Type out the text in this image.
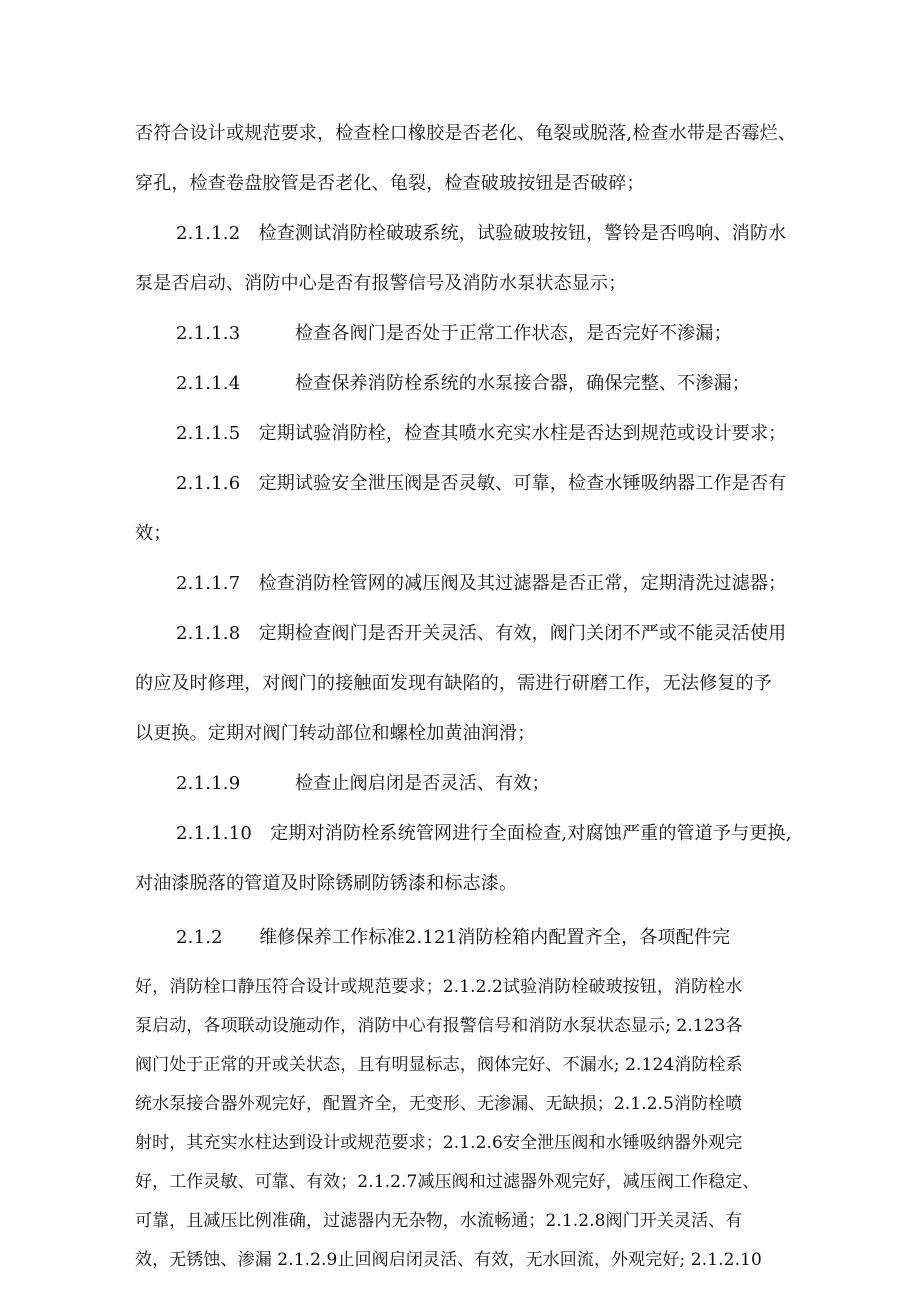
否符合设计或规范要求，检查栓口橡胶是否老化、龟裂或脱落,检查水带是否霉烂、
穿孔，检查卷盘胶管是否老化、龟裂，检查破玻按钮是否破碎；
2.1.1.2　检查测试消防栓破玻系统，试验破玻按钮，警铃是否鸣响、消防水
泵是否启动、消防中心是否有报警信号及消防水泵状态显示；
2.1.1.3　　　检查各阀门是否处于正常工作状态，是否完好不渗漏；
2.1.1.4　　　检查保养消防栓系统的水泵接合器，确保完整、不渗漏；
2.1.1.5　定期试验消防栓，检查其喷水充实水柱是否达到规范或设计要求；
2.1.1.6　定期试验安全泄压阀是否灵敏、可靠，检查水锤吸纳器工作是否有
效；
2.1.1.7　检查消防栓管网的减压阀及其过滤器是否正常，定期清洗过滤器；
2.1.1.8　定期检查阀门是否开关灵活、有效，阀门关闭不严或不能灵活使用
的应及时修理，对阀门的接触面发现有缺陷的，需进行研磨工作，无法修复的予
以更换。定期对阀门转动部位和螺栓加黄油润滑；
2.1.1.9　　　检查止阀启闭是否灵活、有效；
2.1.1.10　定期对消防栓系统管网进行全面检查,对腐蚀严重的管道予与更换,
对油漆脱落的管道及时除锈刷防锈漆和标志漆。
2.1.2　　维修保养工作标准2.121消防栓箱内配置齐全，各项配件完
好，消防栓口静压符合设计或规范要求；2.1.2.2试验消防栓破玻按钮，消防栓水
泵启动，各项联动设施动作，消防中心有报警信号和消防水泵状态显示; 2.123各
阀门处于正常的开或关状态，且有明显标志，阀体完好、不漏水; 2.124消防栓系
统水泵接合器外观完好，配置齐全，无变形、无渗漏、无缺损；2.1.2.5消防栓喷
射时，其充实水柱达到设计或规范要求；2.1.2.6安全泄压阀和水锤吸纳器外观完
好，工作灵敏、可靠、有效；2.1.2.7减压阀和过滤器外观完好，减压阀工作稳定、
可靠，且减压比例准确，过滤器内无杂物，水流畅通；2.1.2.8阀门开关灵活、有
效，无锈蚀、渗漏 2.1.2.9止回阀启闭灵活、有效，无水回流，外观完好; 2.1.2.10
